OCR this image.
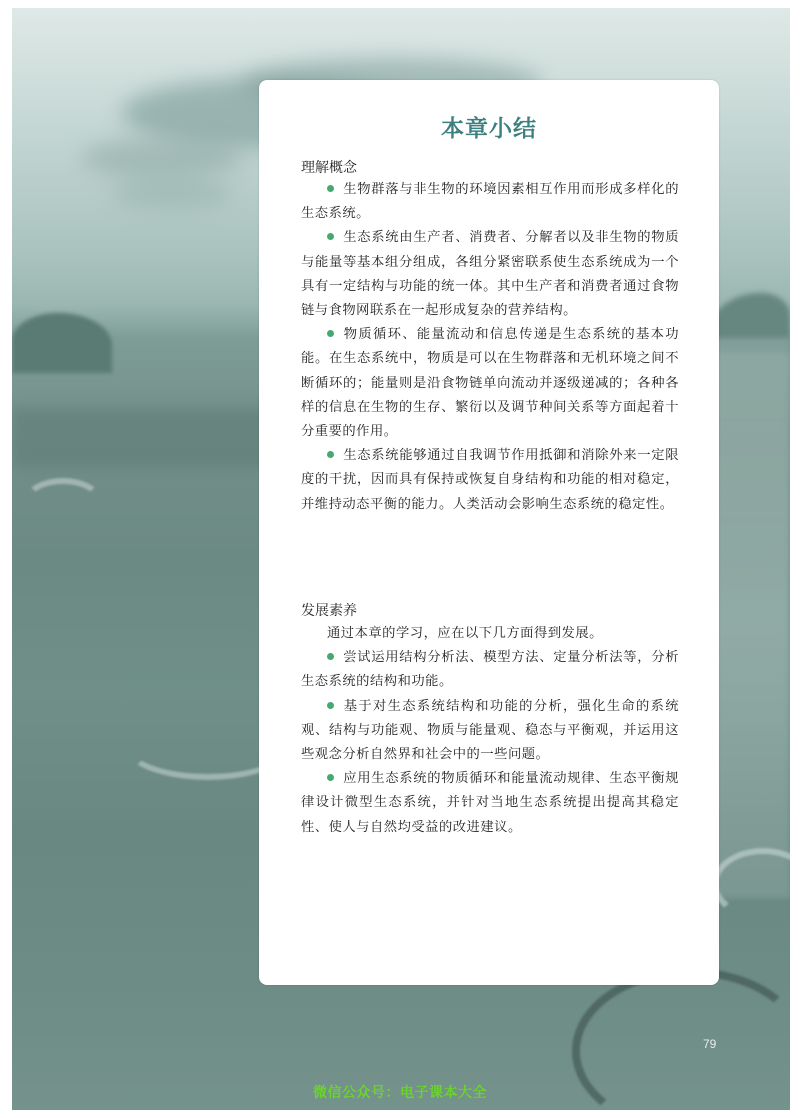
本章小结
理解概念

生物群落与非生物的环境因素相互作用而形成多样化的生态系统。

生态系统由生产者、消费者、分解者以及非生物的物质与能量等基本组分组成，各组分紧密联系使生态系统成为一个具有一定结构与功能的统一体。其中生产者和消费者通过食物链与食物网联系在一起形成复杂的营养结构。

物质循环、能量流动和信息传递是生态系统的基本功能。在生态系统中，物质是可以在生物群落和无机环境之间不断循环的；能量则是沿食物链单向流动并逐级递减的；各种各样的信息在生物的生存、繁衍以及调节种间关系等方面起着十分重要的作用。

生态系统能够通过自我调节作用抵御和消除外来一定限度的干扰，因而具有保持或恢复自身结构和功能的相对稳定，并维持动态平衡的能力。人类活动会影响生态系统的稳定性。

发展素养

通过本章的学习，应在以下几方面得到发展。

尝试运用结构分析法、模型方法、定量分析法等，分析生态系统的结构和功能。

基于对生态系统结构和功能的分析，强化生命的系统观、结构与功能观、物质与能量观、稳态与平衡观，并运用这些观念分析自然界和社会中的一些问题。

应用生态系统的物质循环和能量流动规律、生态平衡规律设计微型生态系统，并针对当地生态系统提出提高其稳定性、使人与自然均受益的改进建议。

79
微信公众号：电子课本大全
